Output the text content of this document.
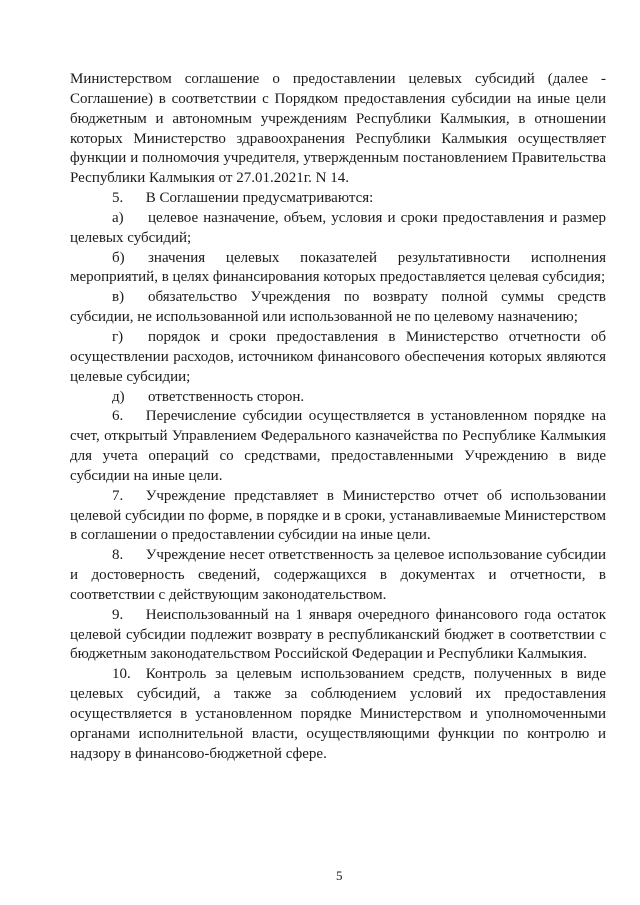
Министерством соглашение о предоставлении целевых субсидий (далее - Соглашение) в соответствии с Порядком предоставления субсидии на иные цели бюджетным и автономным учреждениям Республики Калмыкия, в отношении которых Министерство здравоохранения Республики Калмыкия осуществляет функции и полномочия учредителя, утвержденным постановлением Правительства Республики Калмыкия от 27.01.2021г. N 14.

5.  В Соглашении предусматриваются:

а) целевое назначение, объем, условия и сроки предоставления и размер целевых субсидий;

б) значения целевых показателей результативности исполнения мероприятий, в целях финансирования которых предоставляется целевая субсидия;

в) обязательство Учреждения по возврату полной суммы средств субсидии, не использованной или использованной не по целевому назначению;

г) порядок и сроки предоставления в Министерство отчетности об осуществлении расходов, источником финансового обеспечения которых являются целевые субсидии;

д) ответственность сторон.

6.  Перечисление субсидии осуществляется в установленном порядке на счет, открытый Управлением Федерального казначейства по Республике Калмыкия для учета операций со средствами, предоставленными Учреждению в виде субсидии на иные цели.

7.  Учреждение представляет в Министерство отчет об использовании целевой субсидии по форме, в порядке и в сроки, устанавливаемые Министерством в соглашении о предоставлении субсидии на иные цели.

8.  Учреждение несет ответственность за целевое использование субсидии и достоверность сведений, содержащихся в документах и отчетности, в соответствии с действующим законодательством.

9.  Неиспользованный на 1 января очередного финансового года остаток целевой субсидии подлежит возврату в республиканский бюджет в соответствии с бюджетным законодательством Российской Федерации и Республики Калмыкия.

10. Контроль за целевым использованием средств, полученных в виде целевых субсидий, а также за соблюдением условий их предоставления осуществляется в установленном порядке Министерством и уполномоченными органами исполнительной власти, осуществляющими функции по контролю и надзору в финансово-бюджетной сфере.

5
